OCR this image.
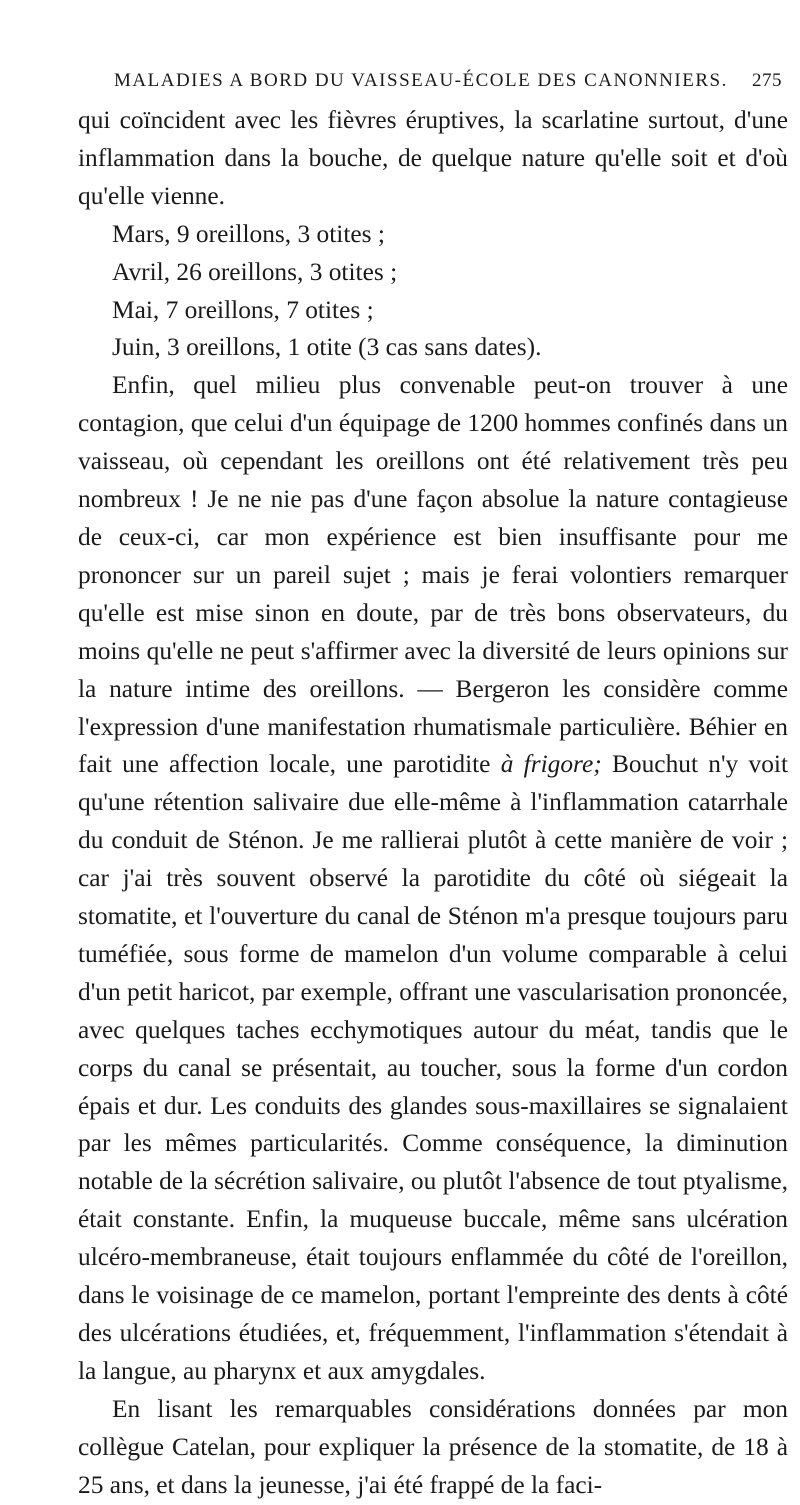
MALADIES A BORD DU VAISSEAU-ÉCOLE DES CANONNIERS. 275

qui coïncident avec les fièvres éruptives, la scarlatine surtout, d'une inflammation dans la bouche, de quelque nature qu'elle soit et d'où qu'elle vienne.

Mars, 9 oreillons, 3 otites ;

Avril, 26 oreillons, 3 otites ;

Mai, 7 oreillons, 7 otites ;

Juin, 3 oreillons, 1 otite (3 cas sans dates).

Enfin, quel milieu plus convenable peut-on trouver à une contagion, que celui d'un équipage de 1200 hommes confinés dans un vaisseau, où cependant les oreillons ont été relativement très peu nombreux ! Je ne nie pas d'une façon absolue la nature contagieuse de ceux-ci, car mon expérience est bien insuffisante pour me prononcer sur un pareil sujet ; mais je ferai volontiers remarquer qu'elle est mise sinon en doute, par de très bons observateurs, du moins qu'elle ne peut s'affirmer avec la diversité de leurs opinions sur la nature intime des oreillons. — Bergeron les considère comme l'expression d'une manifestation rhumatismale particulière. Béhier en fait une affection locale, une parotidite à frigore; Bouchut n'y voit qu'une rétention salivaire due elle-même à l'inflammation catarrhale du conduit de Sténon. Je me rallierai plutôt à cette manière de voir ; car j'ai très souvent observé la parotidite du côté où siégeait la stomatite, et l'ouverture du canal de Sténon m'a presque toujours paru tuméfiée, sous forme de mamelon d'un volume comparable à celui d'un petit haricot, par exemple, offrant une vascularisation prononcée, avec quelques taches ecchymotiques autour du méat, tandis que le corps du canal se présentait, au toucher, sous la forme d'un cordon épais et dur. Les conduits des glandes sous-maxillaires se signalaient par les mêmes particularités. Comme conséquence, la diminution notable de la sécrétion salivaire, ou plutôt l'absence de tout ptyalisme, était constante. Enfin, la muqueuse buccale, même sans ulcération ulcéro-membraneuse, était toujours enflammée du côté de l'oreillon, dans le voisinage de ce mamelon, portant l'empreinte des dents à côté des ulcérations étudiées, et, fréquemment, l'inflammation s'étendait à la langue, au pharynx et aux amygdales.

En lisant les remarquables considérations données par mon collègue Catelan, pour expliquer la présence de la stomatite, de 18 à 25 ans, et dans la jeunesse, j'ai été frappé de la faci-
